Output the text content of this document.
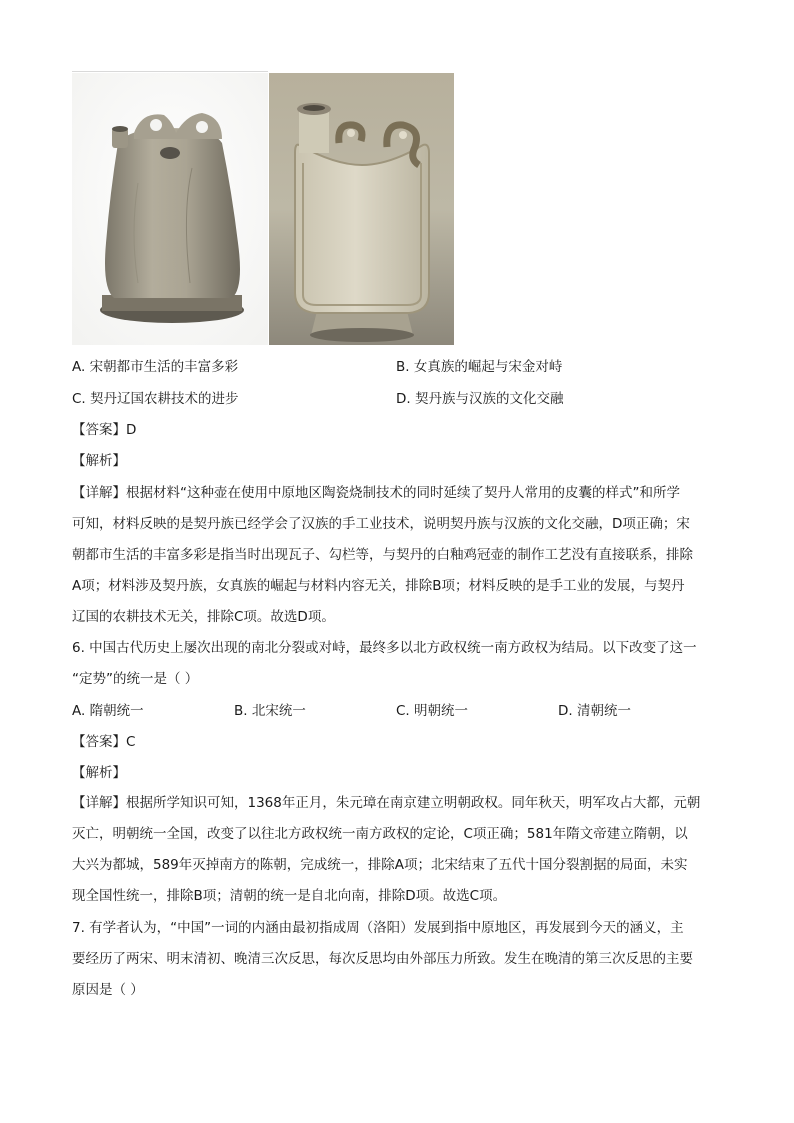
A. 宋朝都市生活的丰富多彩	B. 女真族的崛起与宋金对峙
C. 契丹辽国农耕技术的进步	D. 契丹族与汉族的文化交融
【答案】D
【解析】

【详解】根据材料“这种壶在使用中原地区陶瓷烧制技术的同时延续了契丹人常用的皮囊的样式”和所学

可知，材料反映的是契丹族已经学会了汉族的手工业技术，说明契丹族与汉族的文化交融，D项正确；宋

朝都市生活的丰富多彩是指当时出现瓦子、勾栏等，与契丹的白釉鸡冠壶的制作工艺没有直接联系，排除

A项；材料涉及契丹族，女真族的崛起与材料内容无关，排除B项；材料反映的是手工业的发展，与契丹

辽国的农耕技术无关，排除C项。故选D项。

6. 中国古代历史上屡次出现的南北分裂或对峙，最终多以北方政权统一南方政权为结局。以下改变了这一

“定势”的统一是（ ）

A. 隋朝统一	B. 北宋统一	C. 明朝统一	D. 清朝统一
【答案】C
【解析】

【详解】根据所学知识可知，1368年正月，朱元璋在南京建立明朝政权。同年秋天，明军攻占大都，元朝

灭亡，明朝统一全国，改变了以往北方政权统一南方政权的定论，C项正确；581年隋文帝建立隋朝，以

大兴为都城，589年灭掉南方的陈朝，完成统一，排除A项；北宋结束了五代十国分裂割据的局面，未实

现全国性统一，排除B项；清朝的统一是自北向南，排除D项。故选C项。

7. 有学者认为，“中国”一词的内涵由最初指成周（洛阳）发展到指中原地区，再发展到今天的涵义，主

要经历了两宋、明末清初、晚清三次反思，每次反思均由外部压力所致。发生在晚清的第三次反思的主要

原因是（ ）
